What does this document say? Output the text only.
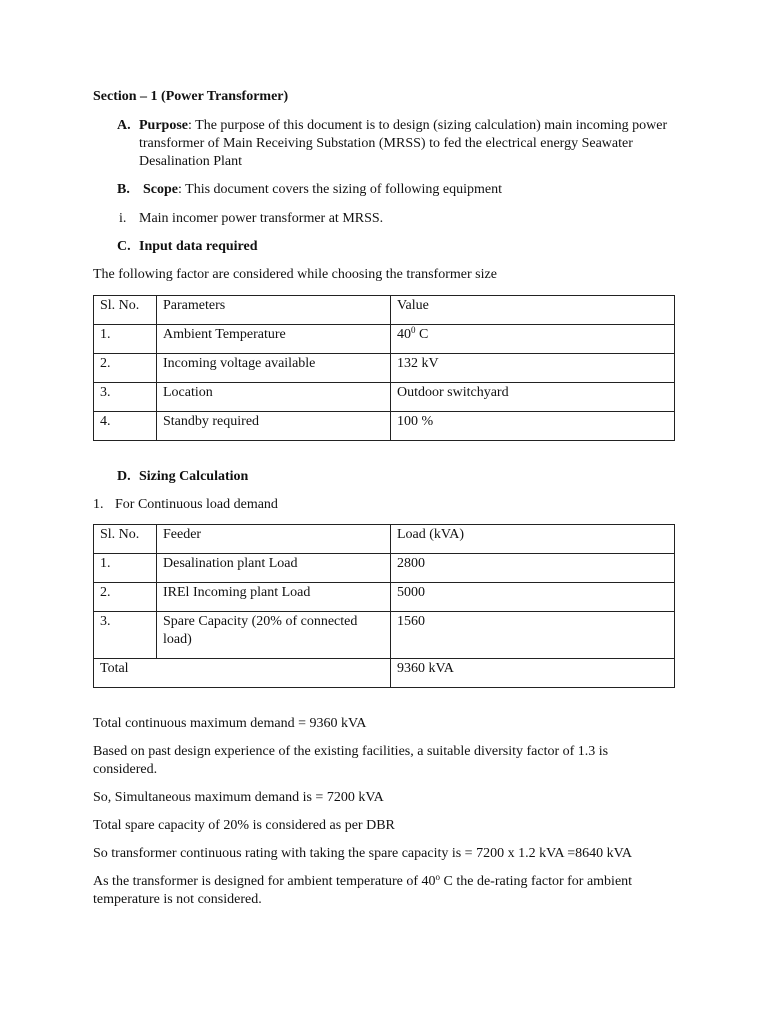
Section – 1 (Power Transformer)
A. Purpose: The purpose of this document is to design (sizing calculation) main incoming power transformer of Main Receiving Substation (MRSS) to fed the electrical energy Seawater Desalination Plant
B. Scope: This document covers the sizing of following equipment
i. Main incomer power transformer at MRSS.
C. Input data required

The following factor are considered while choosing the transformer size

Sl. No.	Parameters	Value
1.	Ambient Temperature	$40^0$ C
2.	Incoming voltage available	132 kV
3.	Location	Outdoor switchyard
4.	Standby required	100 %
D. Sizing Calculation
1. For Continuous load demand
Sl. No.	Feeder	Load (kVA)
1.	Desalination plant Load	2800
2.	IREl Incoming plant Load	5000
3.	Spare Capacity (20% of connected load)	1560
Total		9360 kVA

Total continuous maximum demand = 9360 kVA

Based on past design experience of the existing facilities, a suitable diversity factor of 1.3 is considered.

So, Simultaneous maximum demand is = 7200 kVA

Total spare capacity of 20% is considered as per DBR

So transformer continuous rating with taking the spare capacity is = 7200 x 1.2 kVA =8640 kVA

As the transformer is designed for ambient temperature of 40$^o$ C the de-rating factor for ambient temperature is not considered.
